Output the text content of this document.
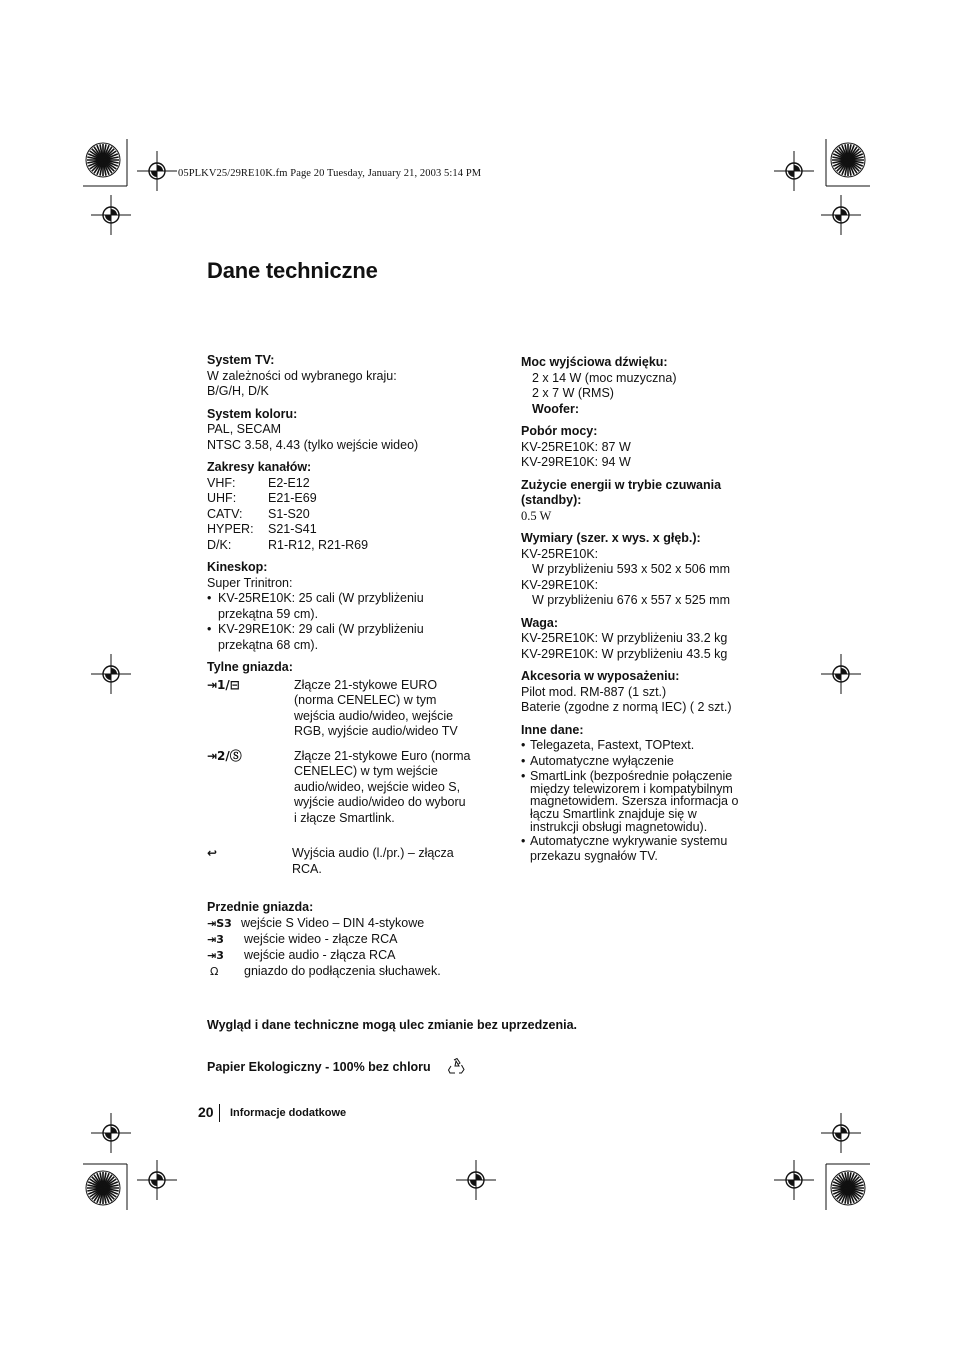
05PLKV25/29RE10K.fm Page 20 Tuesday, January 21, 2003 5:14 PM
Dane techniczne
System TV:
W zależności od wybranego kraju:
B/G/H, D/K
System koloru:
PAL, SECAM
NTSC 3.58, 4.43 (tylko wejście wideo)
Zakresy kanałów:
VHF:	E2-E12
UHF:	E21-E69
CATV: S1-S20
HYPER: S21-S41
D/K:	R1-R12, R21-R69
Kineskop:
Super Trinitron:
• KV-25RE10K: 25 cali (W przybliżeniu
przekątna 59 cm).
• KV-29RE10K: 29 cali (W przybliżeniu
przekątna 68 cm).
Tylne gniazda:
⇥1/⊟	Złącze 21-stykowe EURO
(norma CENELEC) w tym
wejścia audio/wideo, wejście
RGB, wyjście audio/wideo TV
⇥2/Ⓢ	Złącze 21-stykowe Euro (norma
CENELEC) w tym wejście
audio/wideo, wejście wideo S,
wyjście audio/wideo do wyboru
i złącze Smartlink.
↩	Wyjścia audio (l./pr.) – złącza
RCA.
Przednie gniazda:
⇥S3 wejście S Video – DIN 4-stykowe
⇥3 wejście wideo - złącze RCA
⇥3 wejście audio - złącza RCA
Ω gniazdo do podłączenia słuchawek.
Moc wyjściowa dźwięku:
2 x 14 W (moc muzyczna)
2 x 7 W (RMS)
Woofer:
Pobór mocy:
KV-25RE10K: 87 W
KV-29RE10K: 94 W
Zużycie energii w trybie czuwania
(standby):
0.5 W
Wymiary (szer. x wys. x głęb.):
KV-25RE10K:
W przybliżeniu 593 x 502 x 506 mm
KV-29RE10K:
W przybliżeniu 676 x 557 x 525 mm
Waga:
KV-25RE10K: W przybliżeniu 33.2 kg
KV-29RE10K: W przybliżeniu 43.5 kg
Akcesoria w wyposażeniu:
Pilot mod. RM-887 (1 szt.)
Baterie (zgodne z normą IEC) ( 2 szt.)
Inne dane:
• Telegazeta, Fastext, TOPtext.
• Automatyczne wyłączenie
• SmartLink (bezpośrednie połączenie
między telewizorem i kompatybilnym
magnetowidem. Szersza informacja o
łączu Smartlink znajduje się w
instrukcji obsługi magnetowidu).
• Automatyczne wykrywanie systemu
przekazu sygnałów TV.
Wygląd i dane techniczne mogą ulec zmianie bez uprzedzenia.
Papier Ekologiczny - 100% bez chloru
20 Informacje dodatkowe
